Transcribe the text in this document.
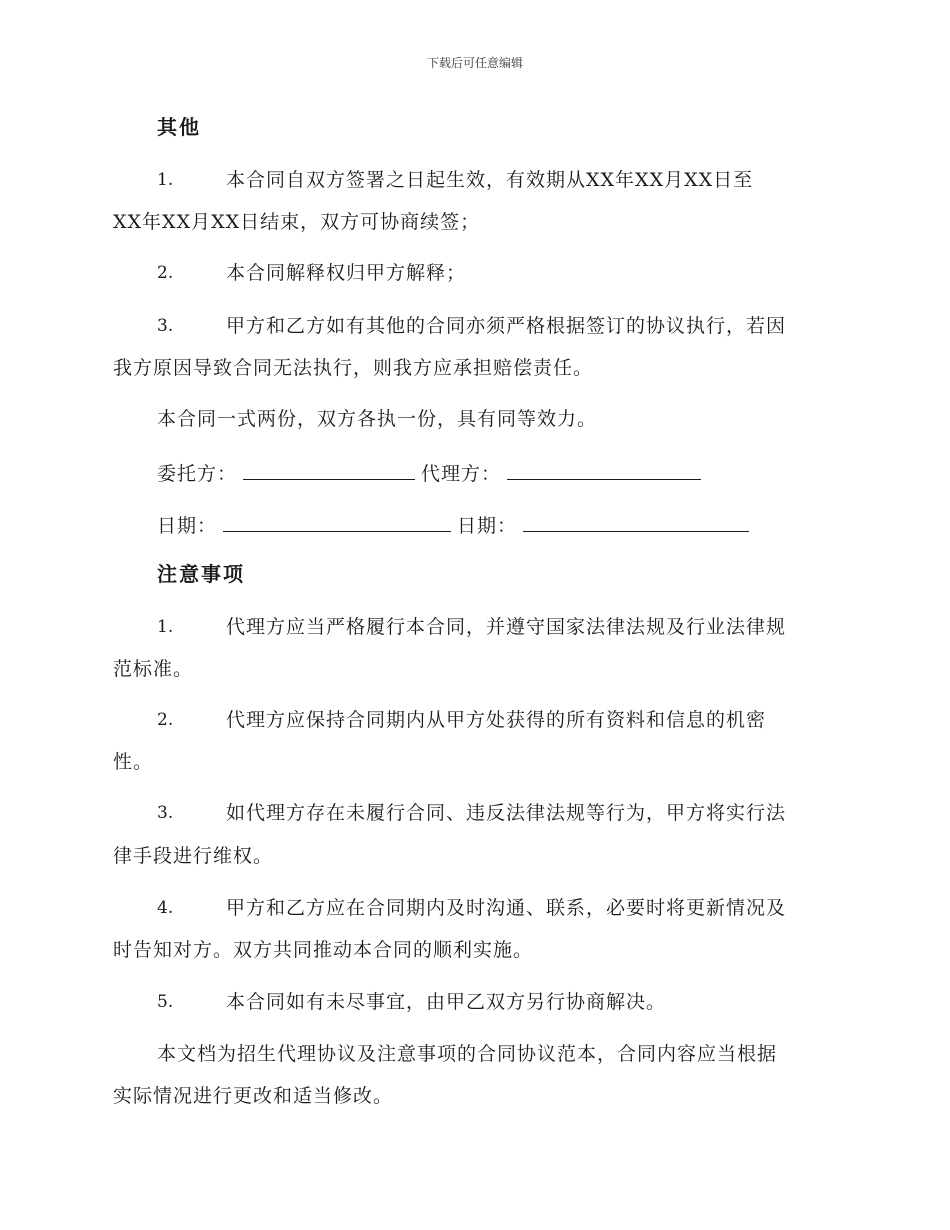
下载后可任意编辑
其他
1.	本合同自双方签署之日起生效，有效期从XX年XX月XX日至
XX年XX月XX日结束，双方可协商续签；
2.	本合同解释权归甲方解释；
3.	甲方和乙方如有其他的合同亦须严格根据签订的协议执行，若因
我方原因导致合同无法执行，则我方应承担赔偿责任。
本合同一式两份，双方各执一份，具有同等效力。
委托方：	代理方：
日期：	日期：
注意事项
1.	代理方应当严格履行本合同，并遵守国家法律法规及行业法律规
范标准。
2.	代理方应保持合同期内从甲方处获得的所有资料和信息的机密
性。
3.	如代理方存在未履行合同、违反法律法规等行为，甲方将实行法
律手段进行维权。
4.	甲方和乙方应在合同期内及时沟通、联系，必要时将更新情况及
时告知对方。双方共同推动本合同的顺利实施。
5.	本合同如有未尽事宜，由甲乙双方另行协商解决。
本文档为招生代理协议及注意事项的合同协议范本，合同内容应当根据
实际情况进行更改和适当修改。
